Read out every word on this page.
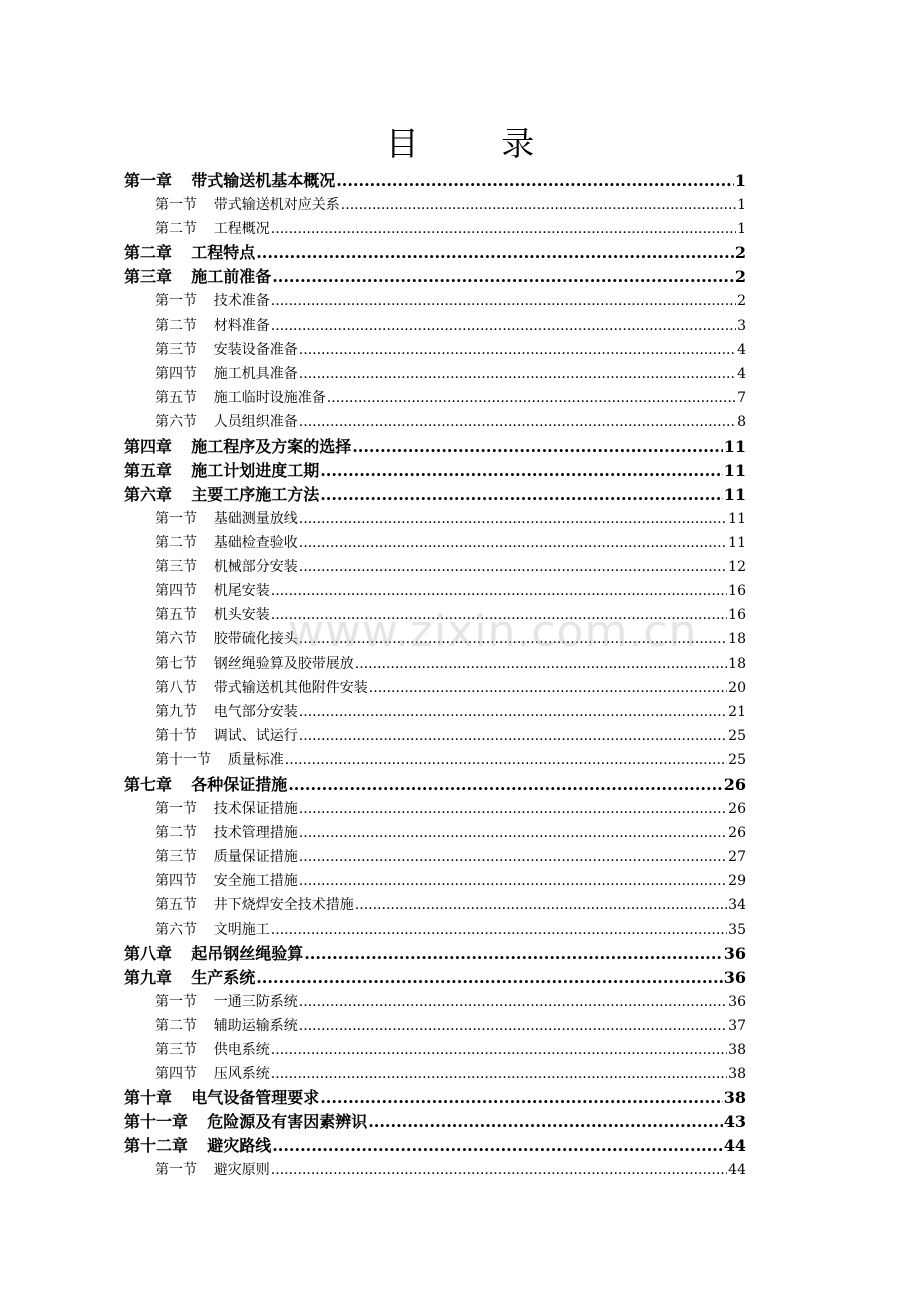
目 录
第一章 带式输送机基本概况 .....	1
第一节 带式输送机对应关系 .....	1
第二节 工程概况 .....	1
第二章 工程特点 .....	2
第三章 施工前准备 .....	2
第一节 技术准备 .....	2
第二节 材料准备 .....	3
第三节 安装设备准备 .....	4
第四节 施工机具准备 .....	4
第五节 施工临时设施准备 .....	7
第六节 人员组织准备 .....	8
第四章 施工程序及方案的选择 .....	11
第五章 施工计划进度工期 .....	11
第六章 主要工序施工方法 .....	11
第一节 基础测量放线 .....	11
第二节 基础检查验收 .....	11
第三节 机械部分安装 .....	12
第四节 机尾安装 .....	16
第五节 机头安装 .....	16
第六节 胶带硫化接头 .....	18
第七节 钢丝绳验算及胶带展放 .....	18
第八节 带式输送机其他附件安装 .....	20
第九节 电气部分安装 .....	21
第十节 调试、试运行 .....	25
第十一节 质量标准 .....	25
第七章 各种保证措施 .....	26
第一节 技术保证措施 .....	26
第二节 技术管理措施 .....	26
第三节 质量保证措施 .....	27
第四节 安全施工措施 .....	29
第五节 井下烧焊安全技术措施 .....	34
第六节 文明施工 .....	35
第八章 起吊钢丝绳验算 .....	36
第九章 生产系统 .....	36
第一节 一通三防系统 .....	36
第二节 辅助运输系统 .....	37
第三节 供电系统 .....	38
第四节 压风系统 .....	38
第十章 电气设备管理要求 .....	38
第十一章 危险源及有害因素辨识 .....	43
第十二章 避灾路线 .....	44
第一节 避灾原则 .....	44
www.zixin.com.cn
